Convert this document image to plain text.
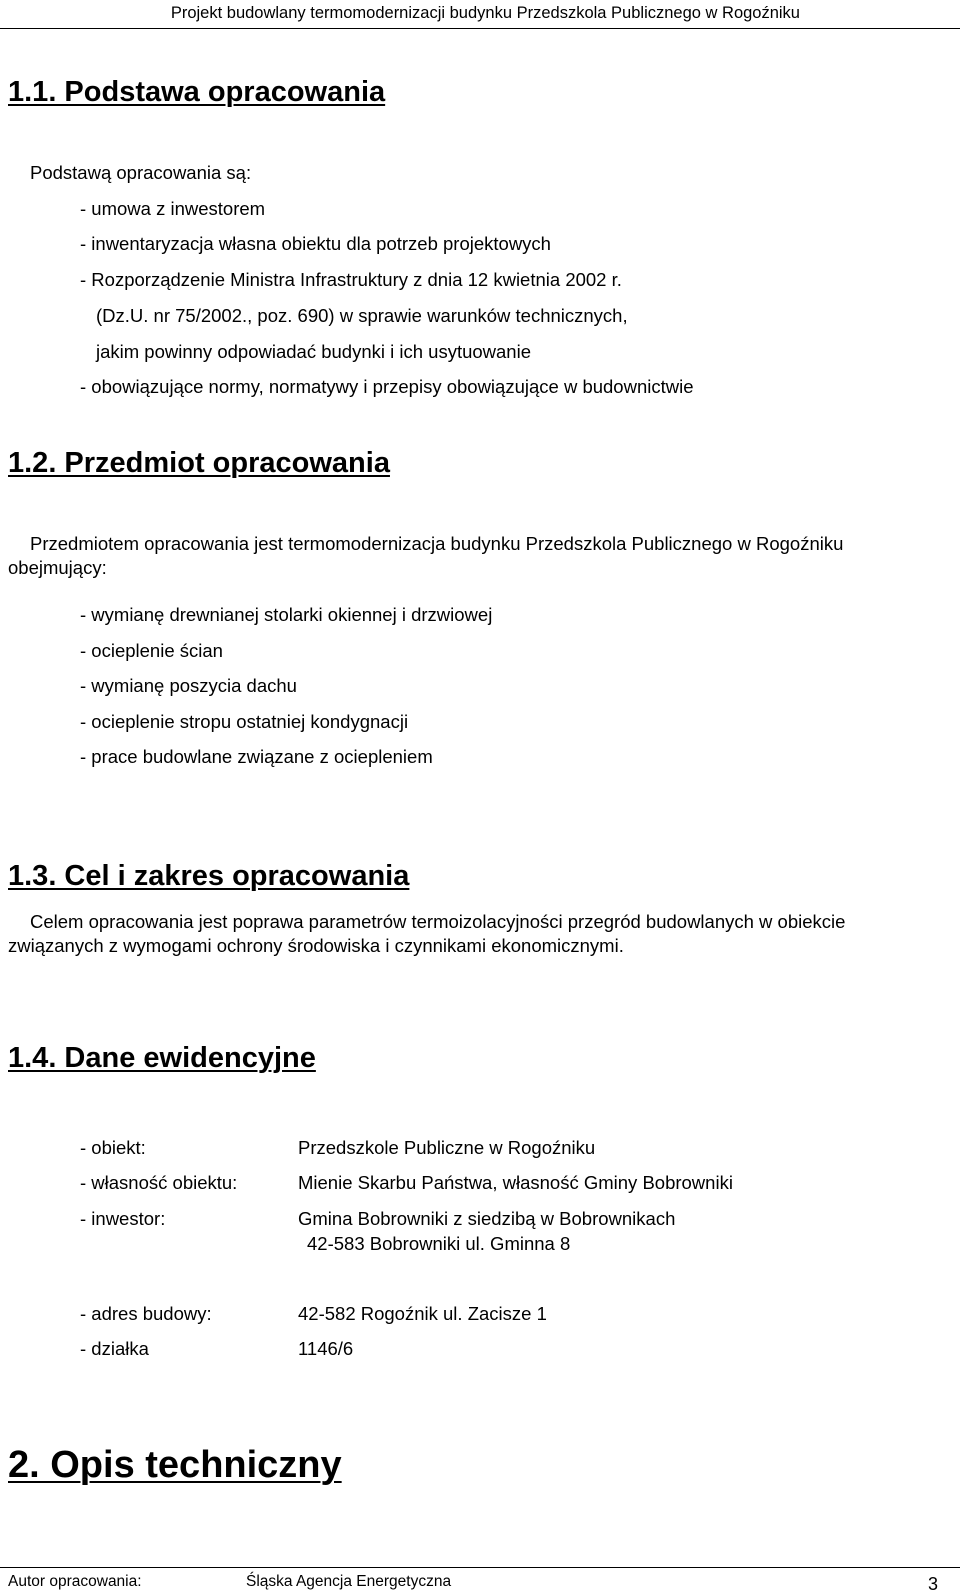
Projekt budowlany termomodernizacji budynku Przedszkola Publicznego w Rogoźniku
1.1. Podstawa opracowania
Podstawą opracowania są:
- umowa z inwestorem
- inwentaryzacja własna obiektu dla potrzeb projektowych
- Rozporządzenie Ministra Infrastruktury z dnia 12 kwietnia 2002 r.
(Dz.U. nr 75/2002., poz. 690) w sprawie warunków technicznych,
jakim powinny odpowiadać budynki i ich usytuowanie
- obowiązujące normy, normatywy i przepisy obowiązujące w budownictwie
1.2. Przedmiot opracowania
Przedmiotem opracowania jest termomodernizacja budynku Przedszkola Publicznego w Rogoźniku
obejmujący:
- wymianę drewnianej stolarki okiennej i drzwiowej
- ocieplenie ścian
- wymianę poszycia dachu
- ocieplenie stropu ostatniej kondygnacji
- prace budowlane związane z ociepleniem
1.3. Cel i zakres opracowania
Celem opracowania jest poprawa parametrów termoizolacyjności przegród budowlanych w obiekcie
związanych z wymogami ochrony środowiska i czynnikami ekonomicznymi.
1.4. Dane ewidencyjne
- obiekt:	Przedszkole Publiczne w Rogoźniku
- własność obiektu:	Mienie Skarbu Państwa, własność Gminy Bobrowniki
- inwestor:	Gmina Bobrowniki z siedzibą w Bobrownikach
42-583 Bobrowniki ul. Gminna 8
- adres budowy:	42-582 Rogoźnik ul. Zacisze 1
- działka	1146/6
2. Opis techniczny
Autor opracowania:	Śląska Agencja Energetyczna	3
